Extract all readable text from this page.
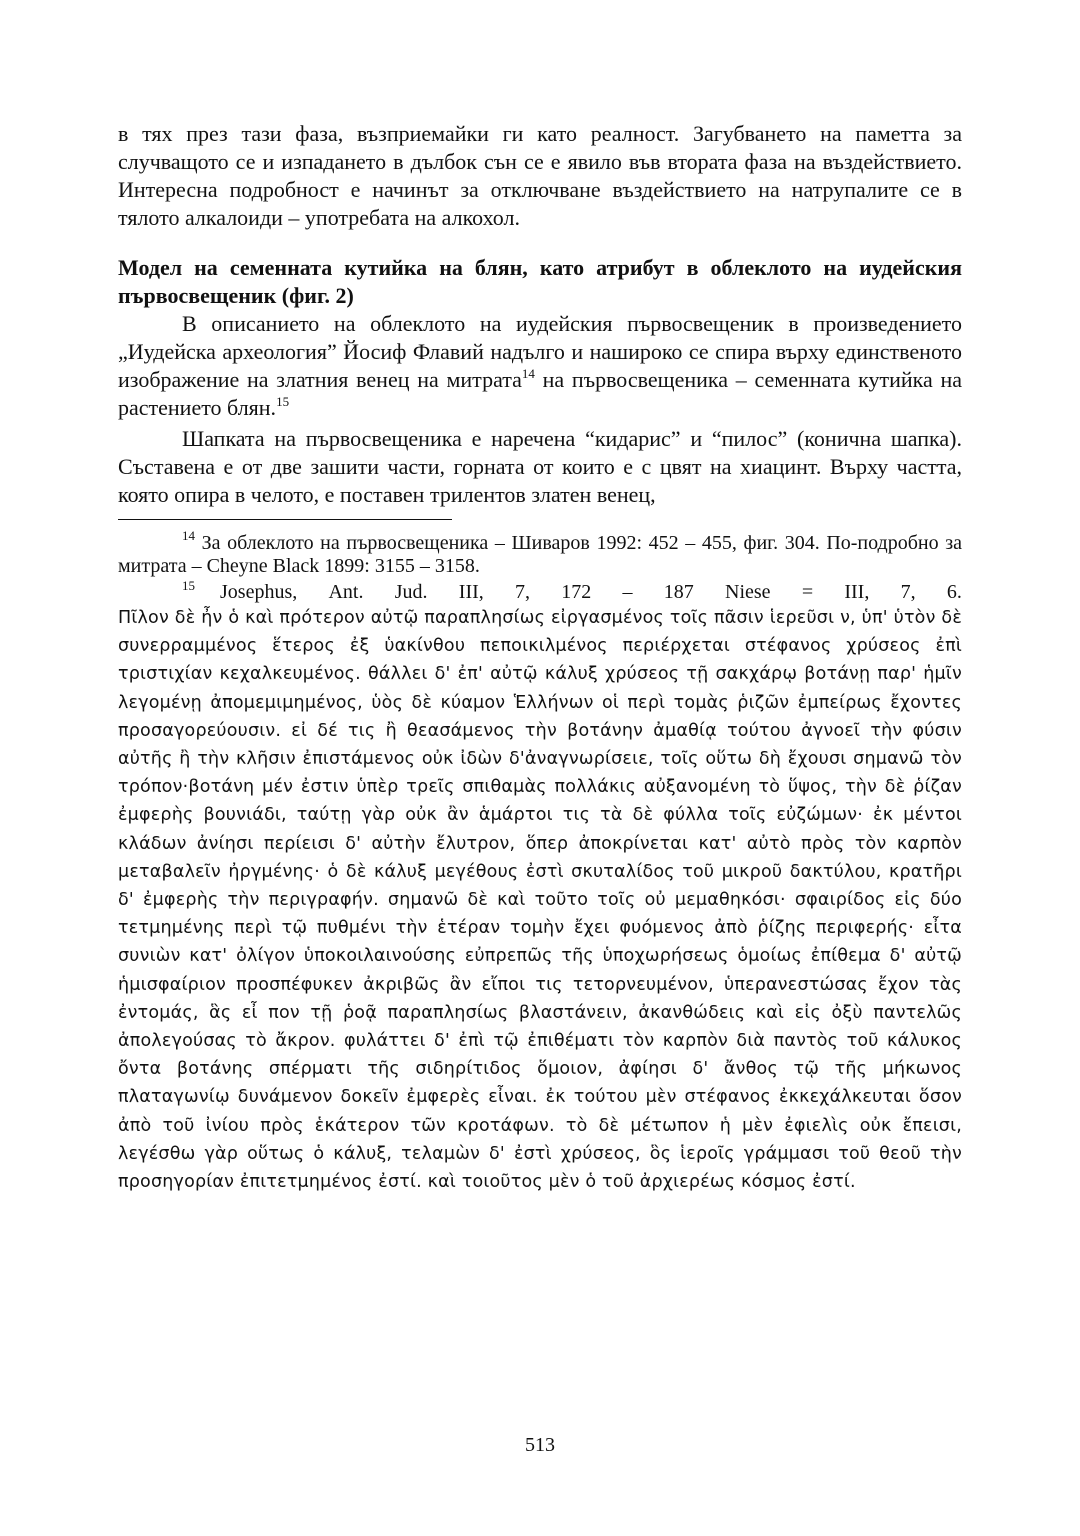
в тях през тази фаза, възприемайки ги като реалност. Загубването на паметта за случващото се и изпадането в дълбок сън се е явило във втората фаза на въздействието. Интересна подробност е начинът за отключване въздействието на натрупалите се в тялото алкалоиди – употребата на алкохол.

Модел на семенната кутийка на блян, като атрибут в облеклото на иудейския първосвещеник (фиг. 2)

В описанието на облеклото на иудейския първосвещеник в произведението „Иудейска археология” Йосиф Флавий надълго и нашироко се спира върху единственото изображение на златния венец на митрата$^{14}$ на първосвещеника – семенната кутийка на растението блян.$^{15}$

Шапката на първосвещеника е наречена “кидарис” и “пилос” (конична шапка). Съставена е от две зашити части, горната от които е с цвят на хиацинт. Върху частта, която опира в челото, е поставен трилентов златен венец,

$^{14}$ За облеклото на първосвещеника – Шиваров 1992: 452 – 455, фиг. 304. По-подробно за митрата – Cheyne Black 1899: 3155 – 3158.

$^{15}$ Josephus, Ant. Jud. III, 7, 172 – 187 Niese = III, 7, 6.

Πῖλον δὲ ἦν ὁ καὶ πρότερον αὐτῷ παραπλησίως εἰργασμένος τοῖς πᾶσιν ἱερεῦσι ν, ὑπ' ὑτὸν δὲ συνερραμμένος ἕτερος ἐξ ὑακίνθου πεποικιλμένος περιέρχεται στέφανος χρύσεος ἐπὶ τριστιχίαν κεχαλκευμένος. θάλλει δ' ἐπ' αὐτῷ κάλυξ χρύσεος τῇ σακχάρῳ βοτάνῃ παρ' ἡμῖν λεγομένῃ ἀπομεμιμημένος, ὑὸς δὲ κύαμον Ἑλλήνων οἱ περὶ τομὰς ῥιζῶν ἐμπείρως ἔχοντες προσαγορεύουσιν. εἰ δέ τις ἢ θεασάμενος τὴν βοτάνην ἀμαθίᾳ τούτου ἀγνοεῖ τὴν φύσιν αὐτῆς ἢ τὴν κλῆσιν ἐπιστάμενος οὐκ ἰδὼν δ'ἀναγνωρίσειε, τοῖς οὕτω δὴ ἔχουσι σημανῶ τὸν τρόπον·βοτάνη μέν ἐστιν ὑπὲρ τρεῖς σπιθαμὰς πολλάκις αὐξανομένη τὸ ὕψος, τὴν δὲ ῥίζαν ἐμφερὴς βουνιάδι, ταύτῃ γὰρ οὐκ ἂν ἁμάρτοι τις τὰ δὲ φύλλα τοῖς εὐζώμων· ἐκ μέντοι κλάδων ἀνίησι περίεισι δ' αὐτὴν ἔλυτρον, ὅπερ ἀποκρίνεται κατ' αὐτὸ πρὸς τὸν καρπὸν μεταβαλεῖν ἠργμένης· ὁ δὲ κάλυξ μεγέθους ἐστὶ σκυταλίδος τοῦ μικροῦ δακτύλου, κρατῆρι δ' ἐμφερὴς τὴν περιγραφήν. σημανῶ δὲ καὶ τοῦτο τοῖς οὐ μεμαθηκόσι· σφαιρίδος εἰς δύο τετμημένης περὶ τῷ πυθμένι τὴν ἑτέραν τομὴν ἔχει φυόμενος ἀπὸ ῥίζης περιφερής· εἶτα συνιὼν κατ' ὀλίγον ὑποκοιλαινούσης εὐπρεπῶς τῆς ὑποχωρήσεως ὁμοίως ἐπίθεμα δ' αὐτῷ ἡμισφαίριον προσπέφυκεν ἀκριβῶς ἂν εἴποι τις τετορνευμένον, ὑπερανεστώσας ἔχον τὰς ἐντομάς, ἃς εἶ πον τῇ ῥοᾷ παραπλησίως βλαστάνειν, ἀκανθώδεις καὶ εἰς ὀξὺ παντελῶς ἀπολεγούσας τὸ ἄκρον. φυλάττει δ' ἐπὶ τῷ ἐπιθέματι τὸν καρπὸν διὰ παντὸς τοῦ κάλυκος ὄντα βοτάνης σπέρματι τῆς σιδηρίτιδος ὅμοιον, ἀφίησι δ' ἄνθος τῷ τῆς μήκωνος πλαταγωνίῳ δυνάμενον δοκεῖν ἐμφερὲς εἶναι. ἐκ τούτου μὲν στέφανος ἐκκεχάλκευται ὅσον ἀπὸ τοῦ ἰνίου πρὸς ἑκάτερον τῶν κροτάφων. τὸ δὲ μέτωπον ἡ μὲν ἐφιελὶς οὐκ ἔπεισι, λεγέσθω γὰρ οὕτως ὁ κάλυξ, τελαμὼν δ' ἐστὶ χρύσεος, ὃς ἱεροῖς γράμμασι τοῦ θεοῦ τὴν προσηγορίαν ἐπιτετμημένος ἐστί. καὶ τοιοῦτος μὲν ὁ τοῦ ἀρχιερέως κόσμος ἐστί.

513
